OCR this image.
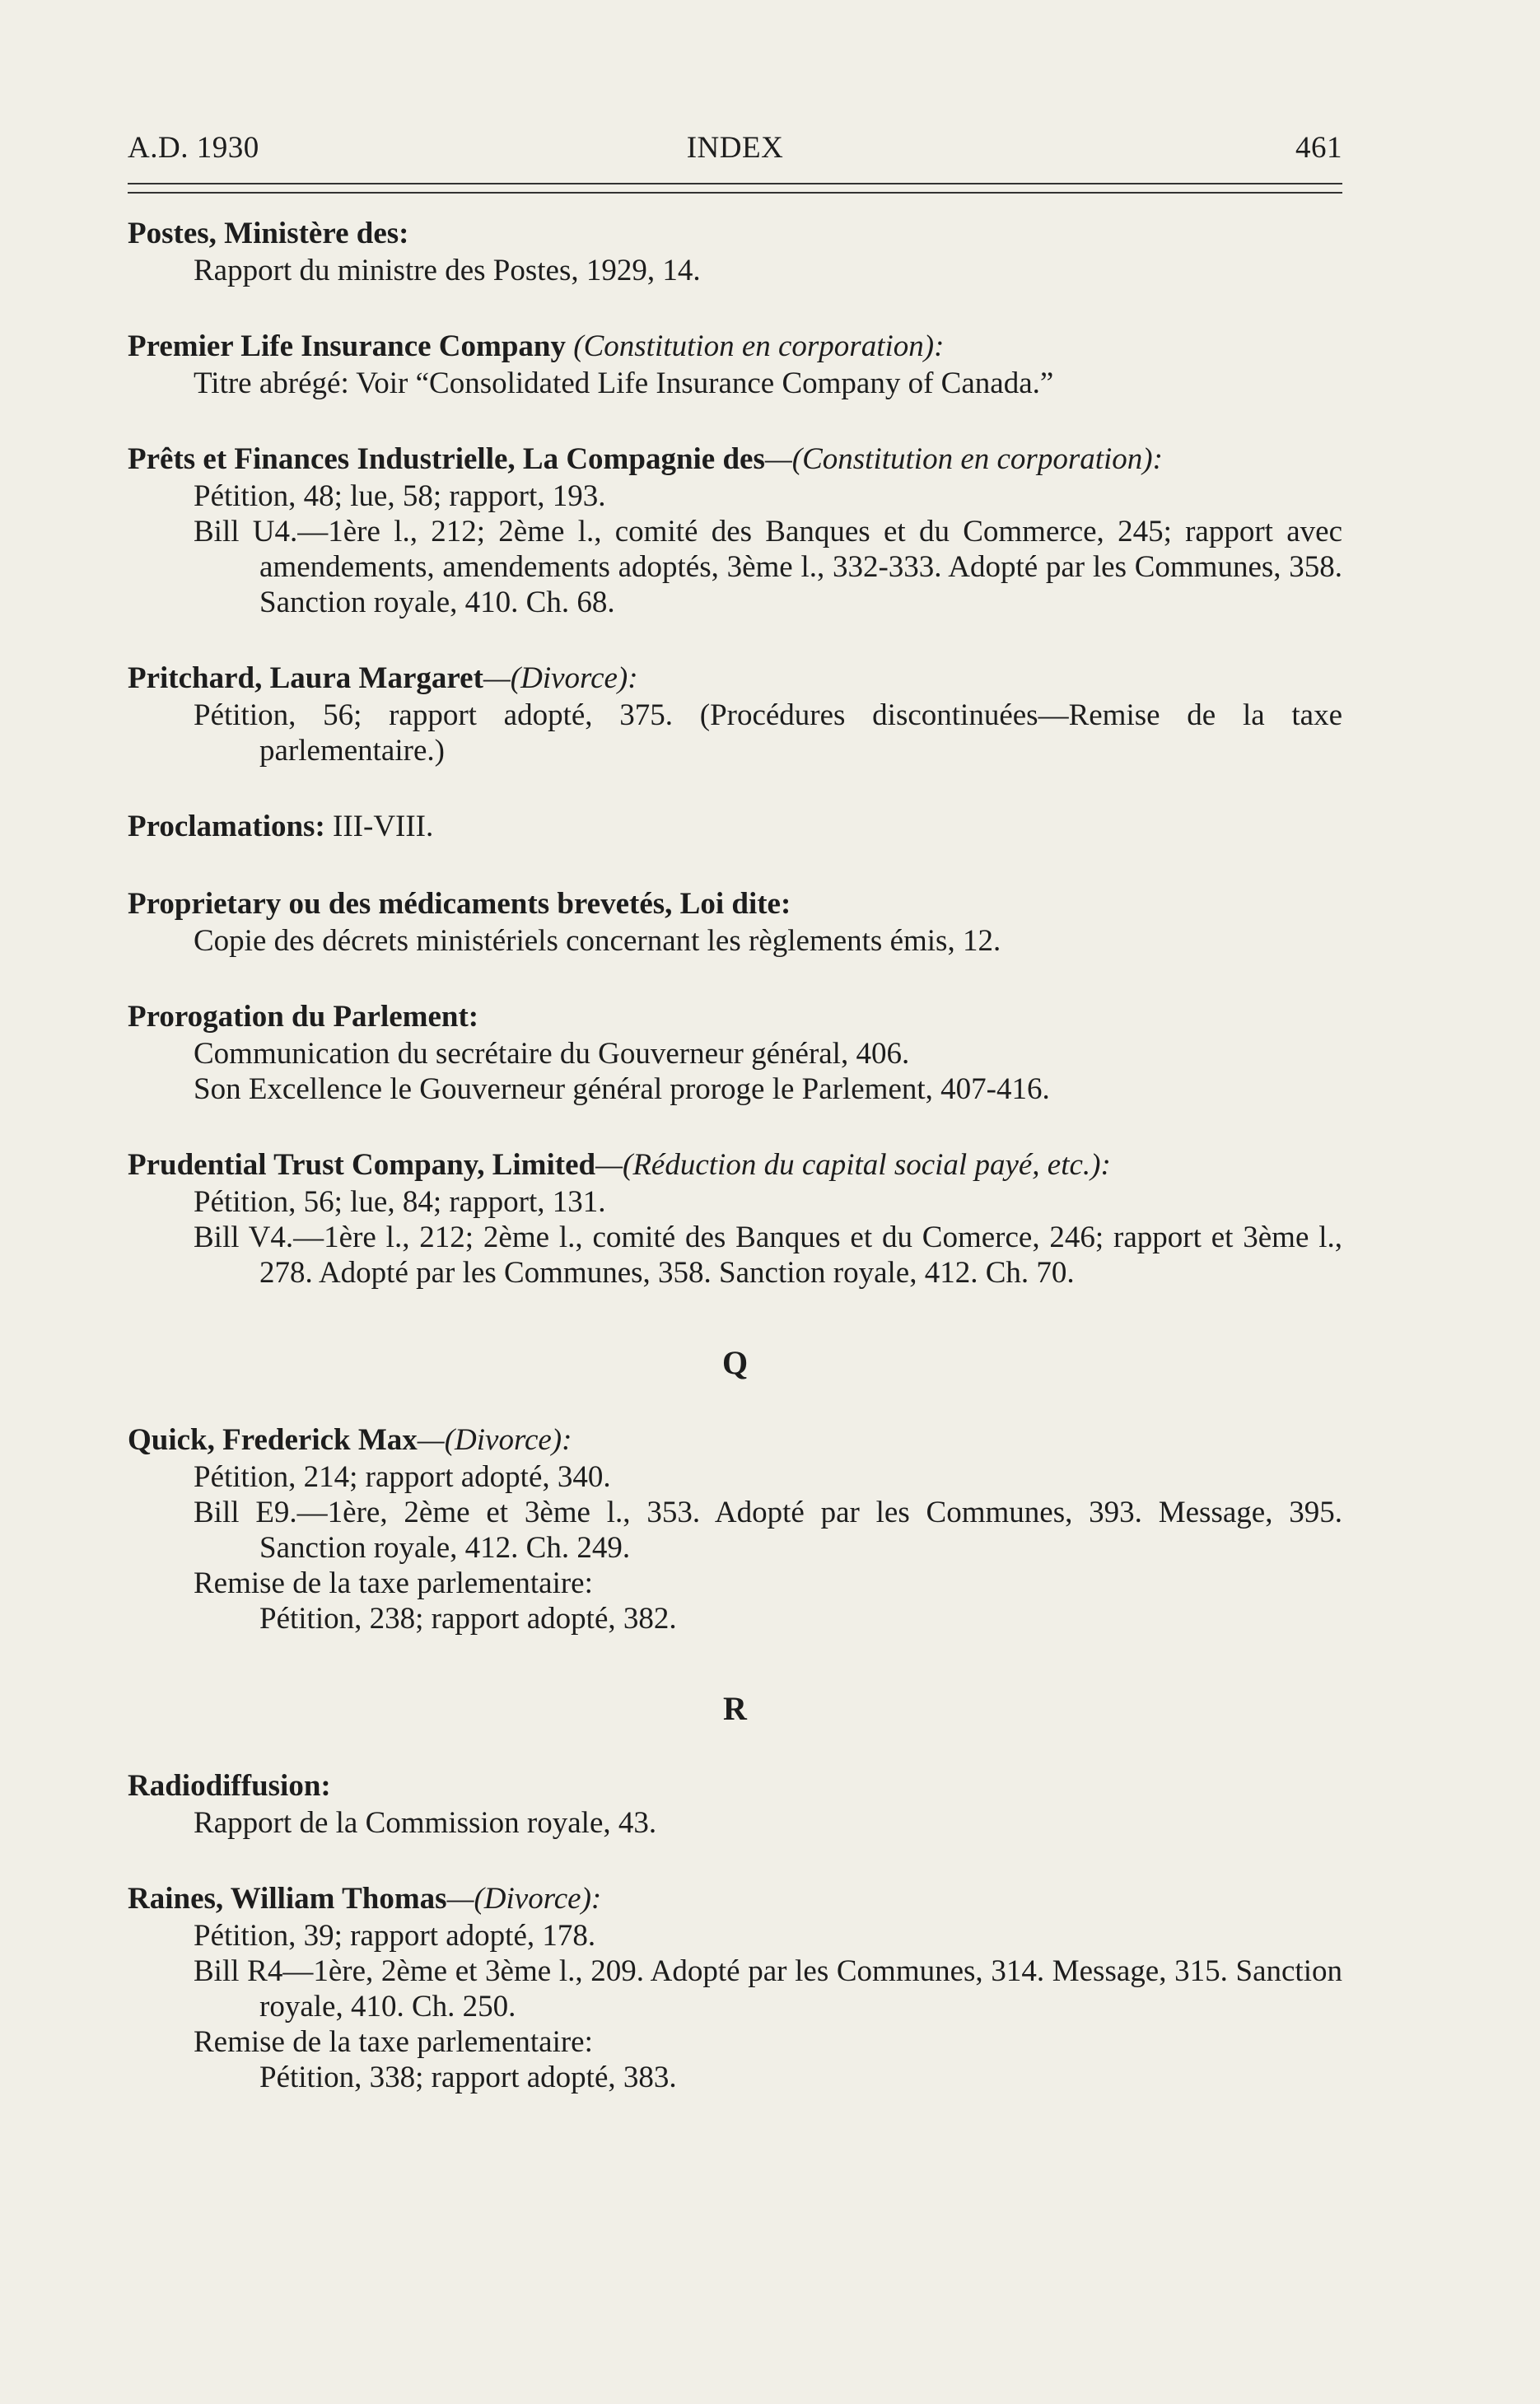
A.D. 1930	INDEX	461
Postes, Ministère des:
Rapport du ministre des Postes, 1929, 14.
Premier Life Insurance Company (Constitution en corporation):
Titre abrégé: Voir “Consolidated Life Insurance Company of Canada.”
Prêts et Finances Industrielle, La Compagnie des—(Constitution en corporation):
Pétition, 48; lue, 58; rapport, 193.
Bill U4.—1ère l., 212; 2ème l., comité des Banques et du Commerce, 245; rapport avec amendements, amendements adoptés, 3ème l., 332-333. Adopté par les Communes, 358. Sanction royale, 410. Ch. 68.
Pritchard, Laura Margaret—(Divorce):
Pétition, 56; rapport adopté, 375. (Procédures discontinuées—Remise de la taxe parlementaire.)
Proclamations: III-VIII.
Proprietary ou des médicaments brevetés, Loi dite:
Copie des décrets ministériels concernant les règlements émis, 12.
Prorogation du Parlement:
Communication du secrétaire du Gouverneur général, 406.
Son Excellence le Gouverneur général proroge le Parlement, 407-416.
Prudential Trust Company, Limited—(Réduction du capital social payé, etc.):
Pétition, 56; lue, 84; rapport, 131.
Bill V4.—1ère l., 212; 2ème l., comité des Banques et du Comerce, 246; rapport et 3ème l., 278. Adopté par les Communes, 358. Sanction royale, 412. Ch. 70.
Q
Quick, Frederick Max—(Divorce):
Pétition, 214; rapport adopté, 340.
Bill E9.—1ère, 2ème et 3ème l., 353. Adopté par les Communes, 393. Message, 395. Sanction royale, 412. Ch. 249.
Remise de la taxe parlementaire:
Pétition, 238; rapport adopté, 382.
R
Radiodiffusion:
Rapport de la Commission royale, 43.
Raines, William Thomas—(Divorce):
Pétition, 39; rapport adopté, 178.
Bill R4—1ère, 2ème et 3ème l., 209. Adopté par les Communes, 314. Message, 315. Sanction royale, 410. Ch. 250.
Remise de la taxe parlementaire:
Pétition, 338; rapport adopté, 383.
